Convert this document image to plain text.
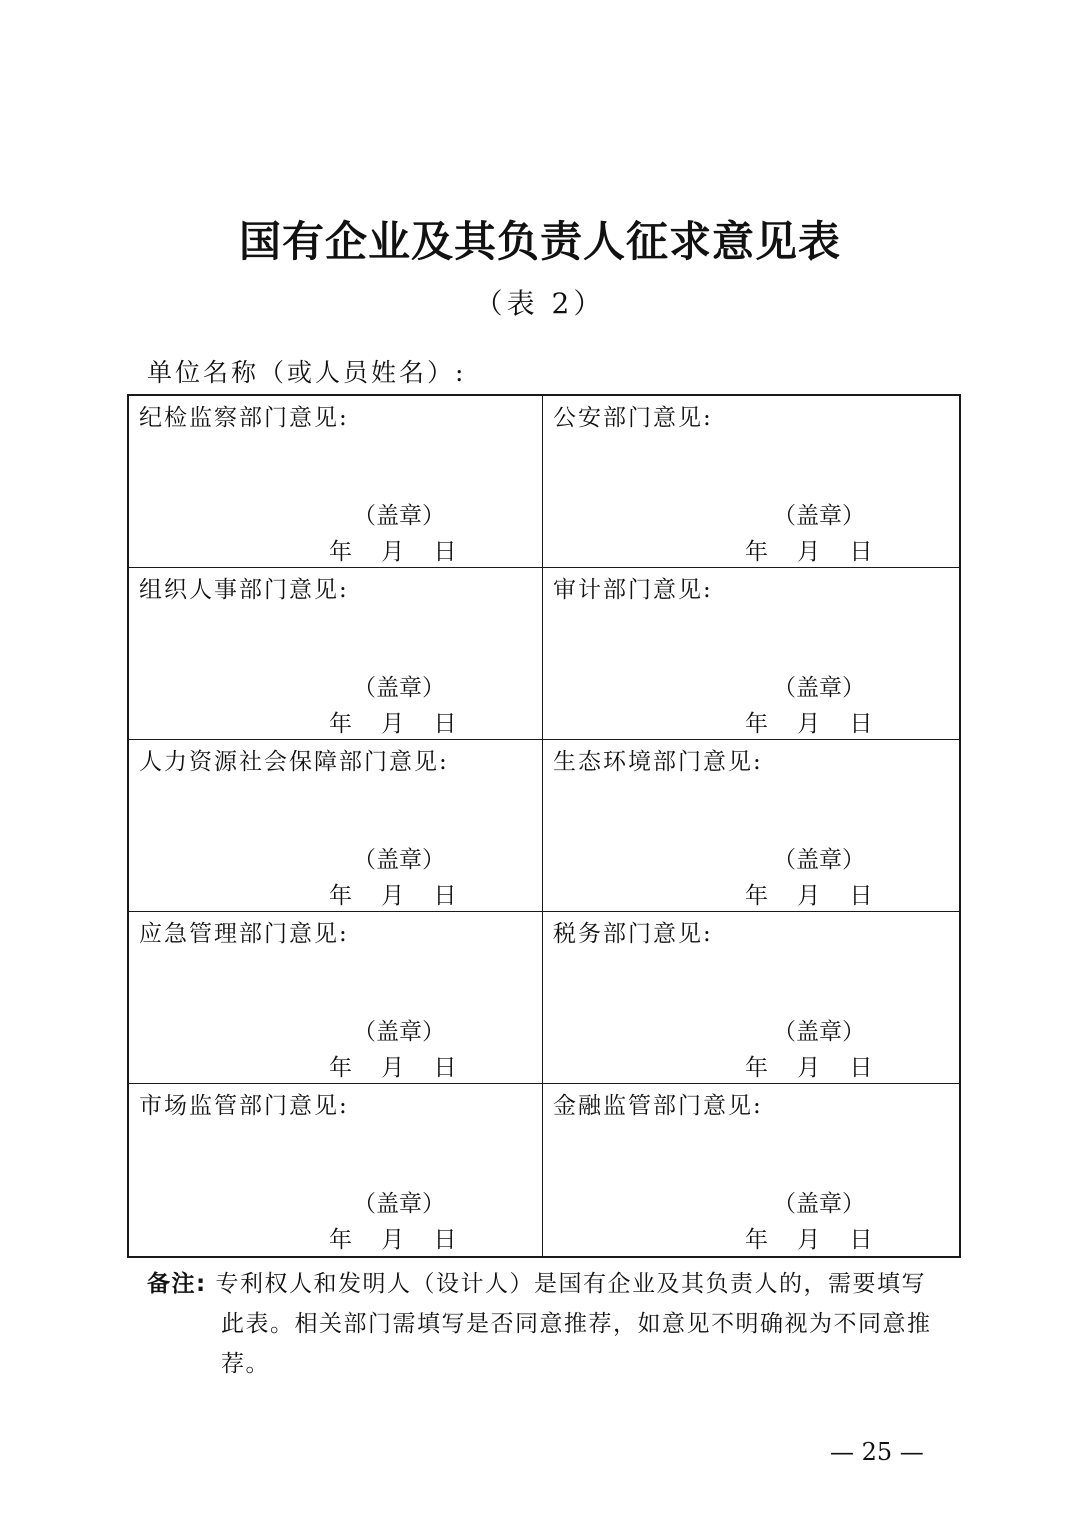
国有企业及其负责人征求意见表
（表 2）
单位名称（或人员姓名）:
纪检监察部门意见:
（盖章）
年    月    日
公安部门意见:
（盖章）
年    月    日
组织人事部门意见:
（盖章）
年    月    日
审计部门意见:
（盖章）
年    月    日
人力资源社会保障部门意见:
（盖章）
年    月    日
生态环境部门意见:
（盖章）
年    月    日
应急管理部门意见:
（盖章）
年    月    日
税务部门意见:
（盖章）
年    月    日
市场监管部门意见:
（盖章）
年    月    日
金融监管部门意见:
（盖章）
年    月    日
备注: 专利权人和发明人（设计人）是国有企业及其负责人的，需要填写
此表。相关部门需填写是否同意推荐，如意见不明确视为不同意推荐。
— 25 —
